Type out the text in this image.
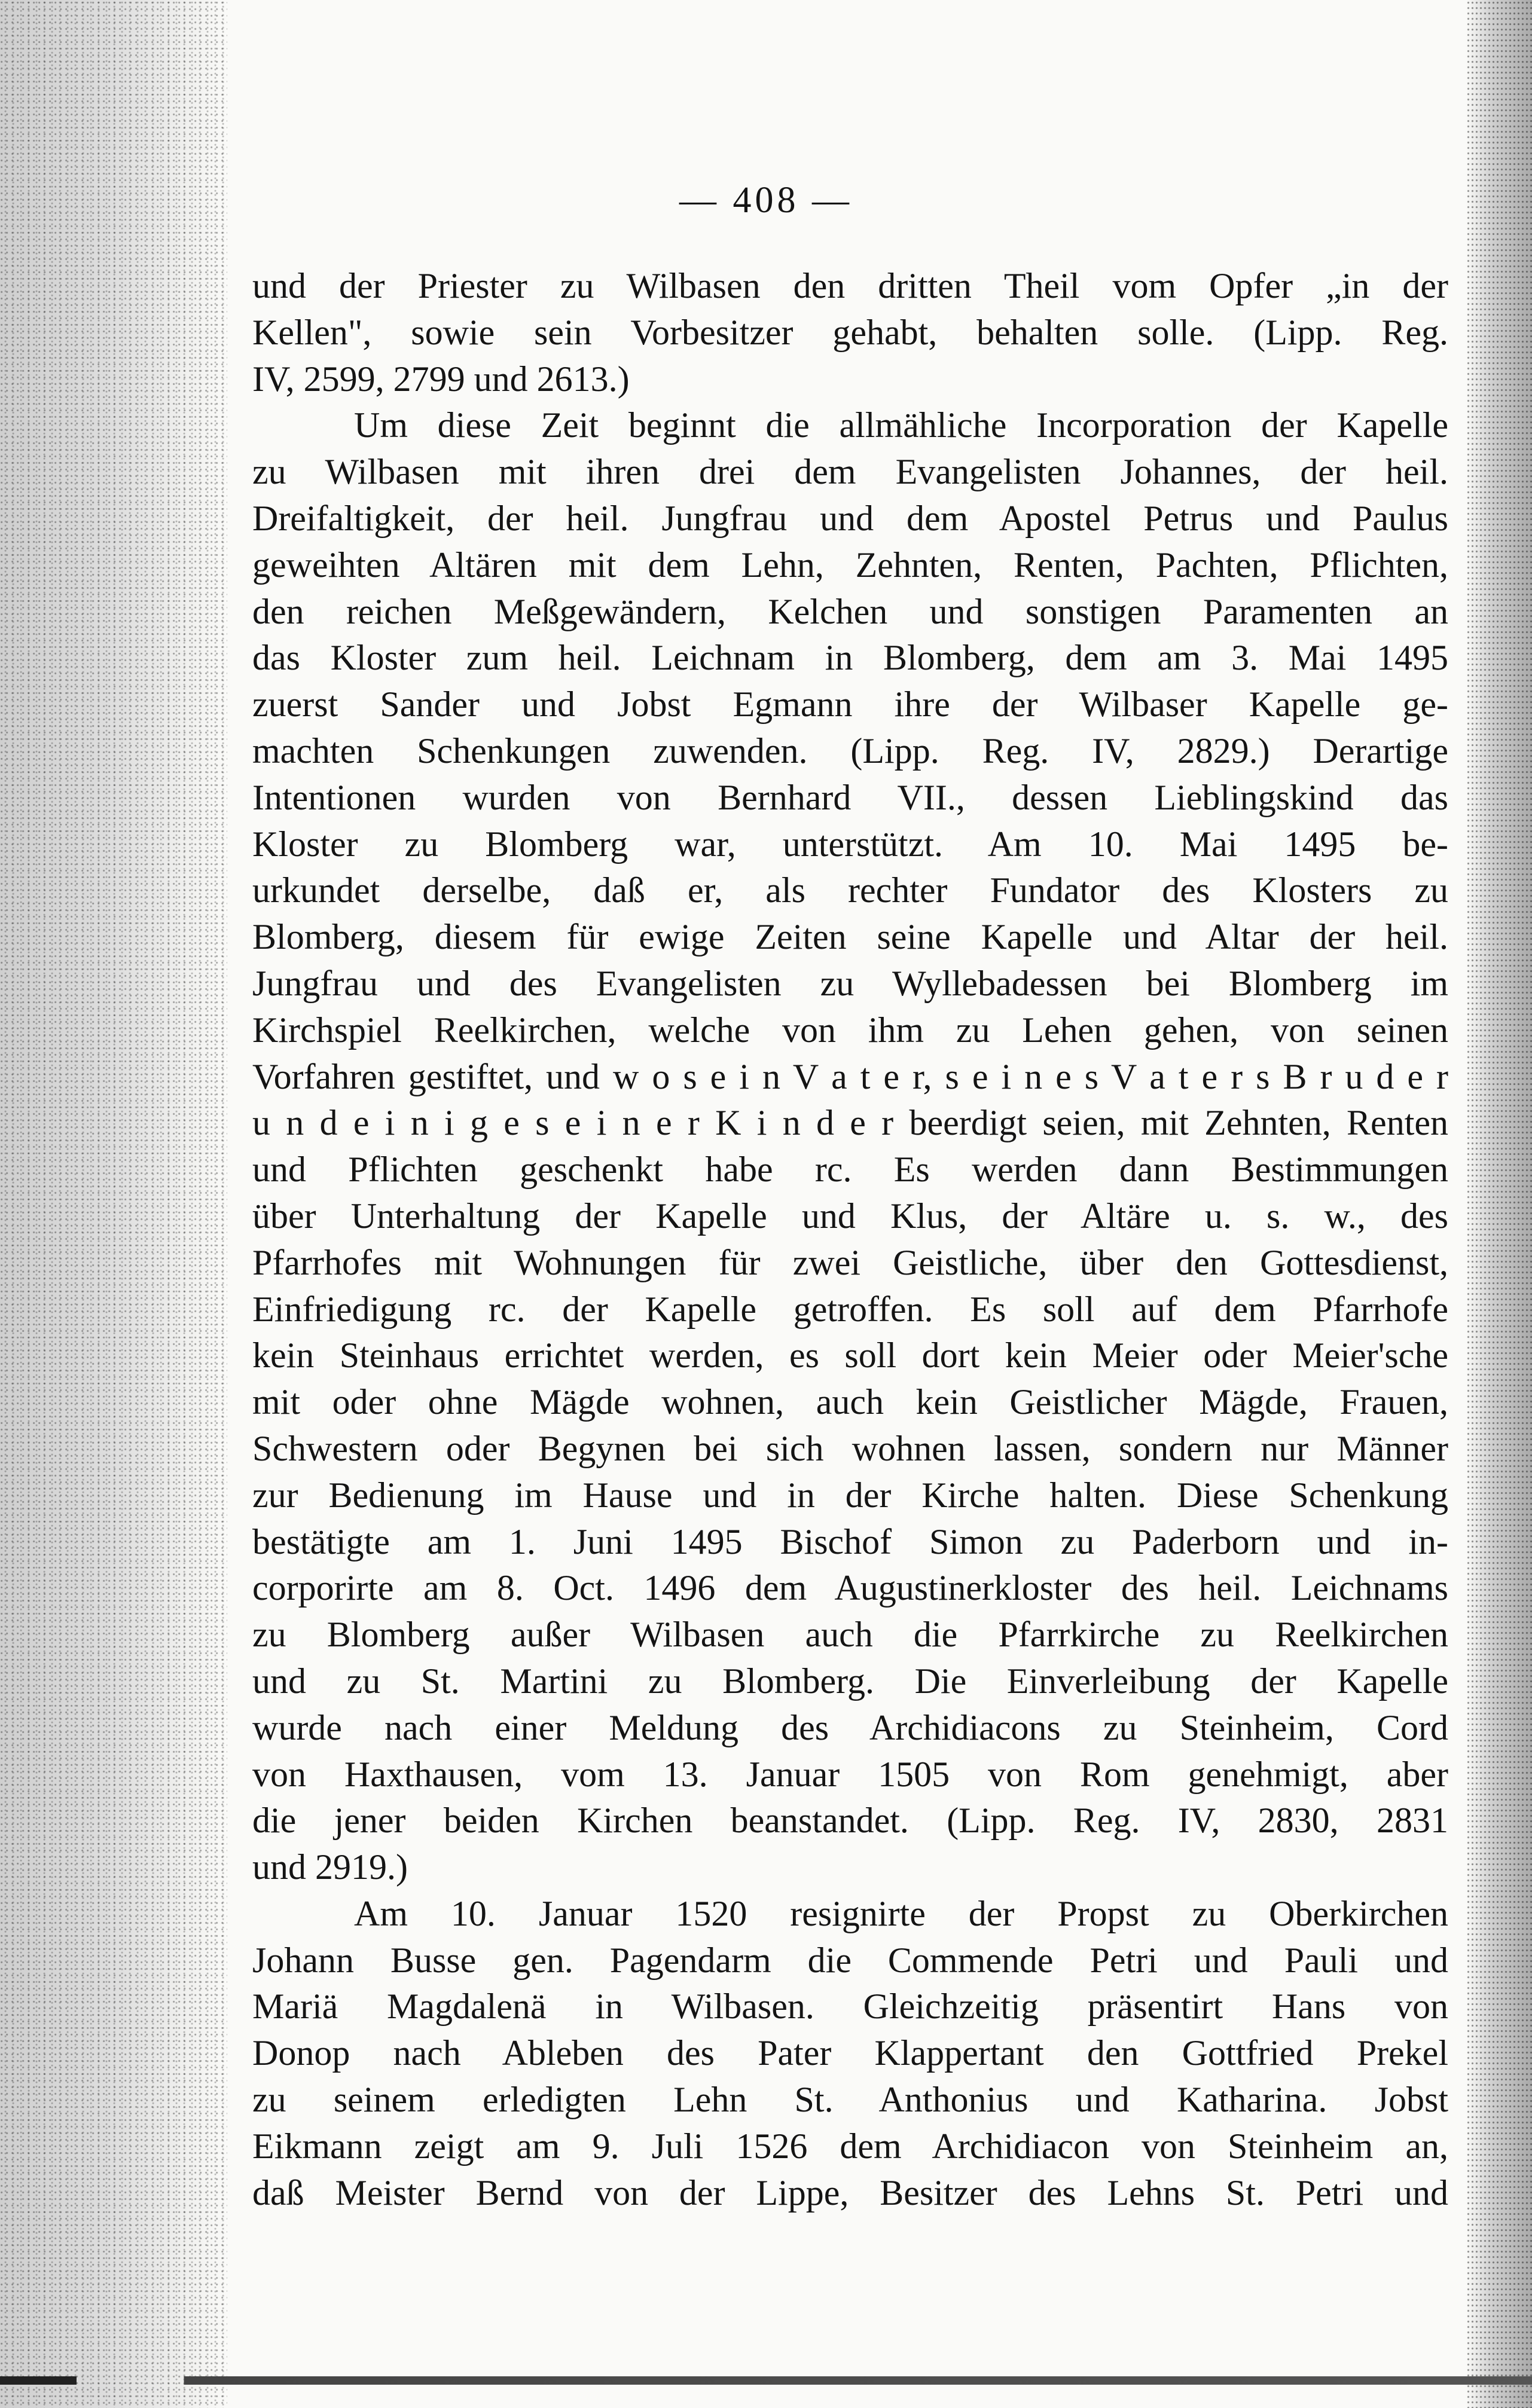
— 408 —
und der Priester zu Wilbasen den dritten Theil vom Opfer „in der
Kellen", sowie sein Vorbesitzer gehabt, behalten solle. (Lipp. Reg.
IV, 2599, 2799 und 2613.)
Um diese Zeit beginnt die allmähliche Incorporation der Kapelle
zu Wilbasen mit ihren drei dem Evangelisten Johannes, der heil.
Dreifaltigkeit, der heil. Jungfrau und dem Apostel Petrus und Paulus
geweihten Altären mit dem Lehn, Zehnten, Renten, Pachten, Pflichten,
den reichen Meßgewändern, Kelchen und sonstigen Paramenten an
das Kloster zum heil. Leichnam in Blomberg, dem am 3. Mai 1495
zuerst Sander und Jobst Egmann ihre der Wilbaser Kapelle ge-
machten Schenkungen zuwenden. (Lipp. Reg. IV, 2829.) Derartige
Intentionen wurden von Bernhard VII., dessen Lieblingskind das
Kloster zu Blomberg war, unterstützt. Am 10. Mai 1495 be-
urkundet derselbe, daß er, als rechter Fundator des Klosters zu
Blomberg, diesem für ewige Zeiten seine Kapelle und Altar der heil.
Jungfrau und des Evangelisten zu Wyllebadessen bei Blomberg im
Kirchspiel Reelkirchen, welche von ihm zu Lehen gehen, von seinen
Vorfahren gestiftet, und w o s e i n V a t e r, s e i n e s V a t e r s B r u d e r
u n d e i n i g e s e i n e r K i n d e r beerdigt seien, mit Zehnten, Renten
und Pflichten geschenkt habe rc. Es werden dann Bestimmungen
über Unterhaltung der Kapelle und Klus, der Altäre u. s. w., des
Pfarrhofes mit Wohnungen für zwei Geistliche, über den Gottesdienst,
Einfriedigung rc. der Kapelle getroffen. Es soll auf dem Pfarrhofe
kein Steinhaus errichtet werden, es soll dort kein Meier oder Meier'sche
mit oder ohne Mägde wohnen, auch kein Geistlicher Mägde, Frauen,
Schwestern oder Begynen bei sich wohnen lassen, sondern nur Männer
zur Bedienung im Hause und in der Kirche halten. Diese Schenkung
bestätigte am 1. Juni 1495 Bischof Simon zu Paderborn und in-
corporirte am 8. Oct. 1496 dem Augustinerkloster des heil. Leichnams
zu Blomberg außer Wilbasen auch die Pfarrkirche zu Reelkirchen
und zu St. Martini zu Blomberg. Die Einverleibung der Kapelle
wurde nach einer Meldung des Archidiacons zu Steinheim, Cord
von Haxthausen, vom 13. Januar 1505 von Rom genehmigt, aber
die jener beiden Kirchen beanstandet. (Lipp. Reg. IV, 2830, 2831
und 2919.)
Am 10. Januar 1520 resignirte der Propst zu Oberkirchen
Johann Busse gen. Pagendarm die Commende Petri und Pauli und
Mariä Magdalenä in Wilbasen. Gleichzeitig präsentirt Hans von
Donop nach Ableben des Pater Klappertant den Gottfried Prekel
zu seinem erledigten Lehn St. Anthonius und Katharina. Jobst
Eikmann zeigt am 9. Juli 1526 dem Archidiacon von Steinheim an,
daß Meister Bernd von der Lippe, Besitzer des Lehns St. Petri und
